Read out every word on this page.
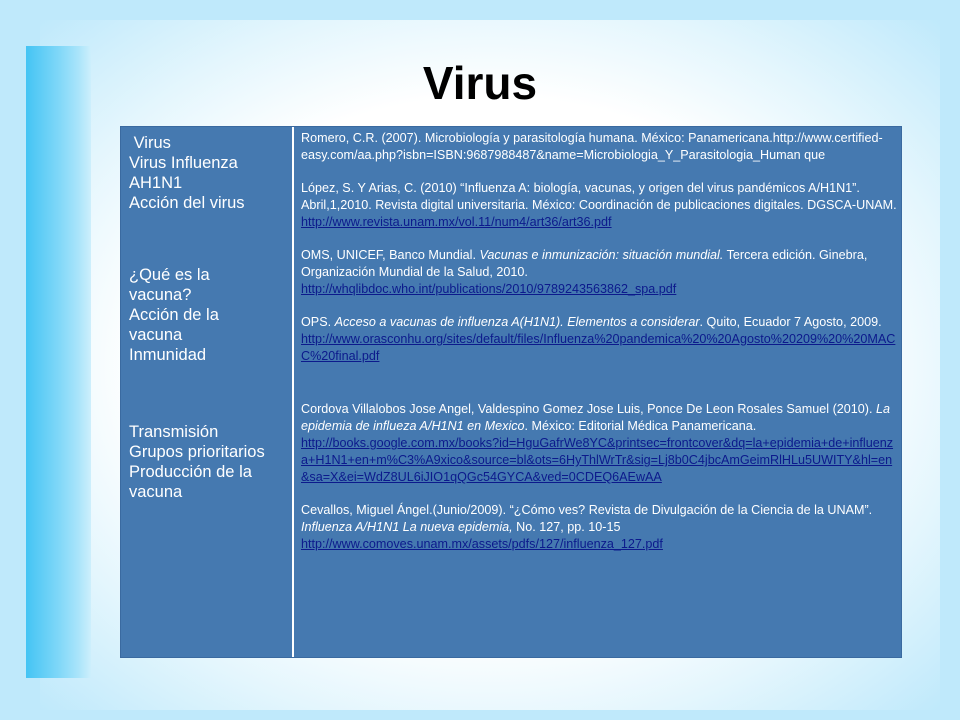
Virus
Virus
Virus Influenza
AH1N1
Acción del virus
¿Qué es la
vacuna?
Acción de la
vacuna
Inmunidad
Transmisión
Grupos prioritarios
Producción de la
vacuna
Romero, C.R. (2007). Microbiología y parasitología humana. México: Panamericana.http://www.certified-easy.com/aa.php?isbn=ISBN:9687988487&name=Microbiologia_Y_Parasitologia_Human que
López, S. Y Arias, C. (2010) “Influenza A: biología, vacunas, y origen del virus pandémicos A/H1N1”. Abril,1,2010. Revista digital universitaria. México: Coordinación de publicaciones digitales. DGSCA-UNAM. http://www.revista.unam.mx/vol.11/num4/art36/art36.pdf
OMS, UNICEF, Banco Mundial. Vacunas e inmunización: situación mundial. Tercera edición. Ginebra, Organización Mundial de la Salud, 2010.
http://whqlibdoc.who.int/publications/2010/9789243563862_spa.pdf
OPS. Acceso a vacunas de influenza A(H1N1). Elementos a considerar. Quito, Ecuador 7 Agosto, 2009.
http://www.orasconhu.org/sites/default/files/Influenza%20pandemica%20%20Agosto%20209%20%20MACC%20final.pdf
Cordova Villalobos Jose Angel, Valdespino Gomez Jose Luis, Ponce De Leon Rosales Samuel (2010). La epidemia de influeza A/H1N1 en Mexico. México: Editorial Médica Panamericana.
http://books.google.com.mx/books?id=HguGafrWe8YC&printsec=frontcover&dq=la+epidemia+de+influenza+H1N1+en+m%C3%A9xico&source=bl&ots=6HyThlWrTr&sig=Lj8b0C4jbcAmGeimRlHLu5UWITY&hl=en&sa=X&ei=WdZ8UL6iJIO1qQGc54GYCA&ved=0CDEQ6AEwAA
Cevallos, Miguel Ángel.(Junio/2009). “¿Cómo ves? Revista de Divulgación de la Ciencia de la UNAM”. Influenza A/H1N1 La nueva epidemia, No. 127, pp. 10-15
http://www.comoves.unam.mx/assets/pdfs/127/influenza_127.pdf
